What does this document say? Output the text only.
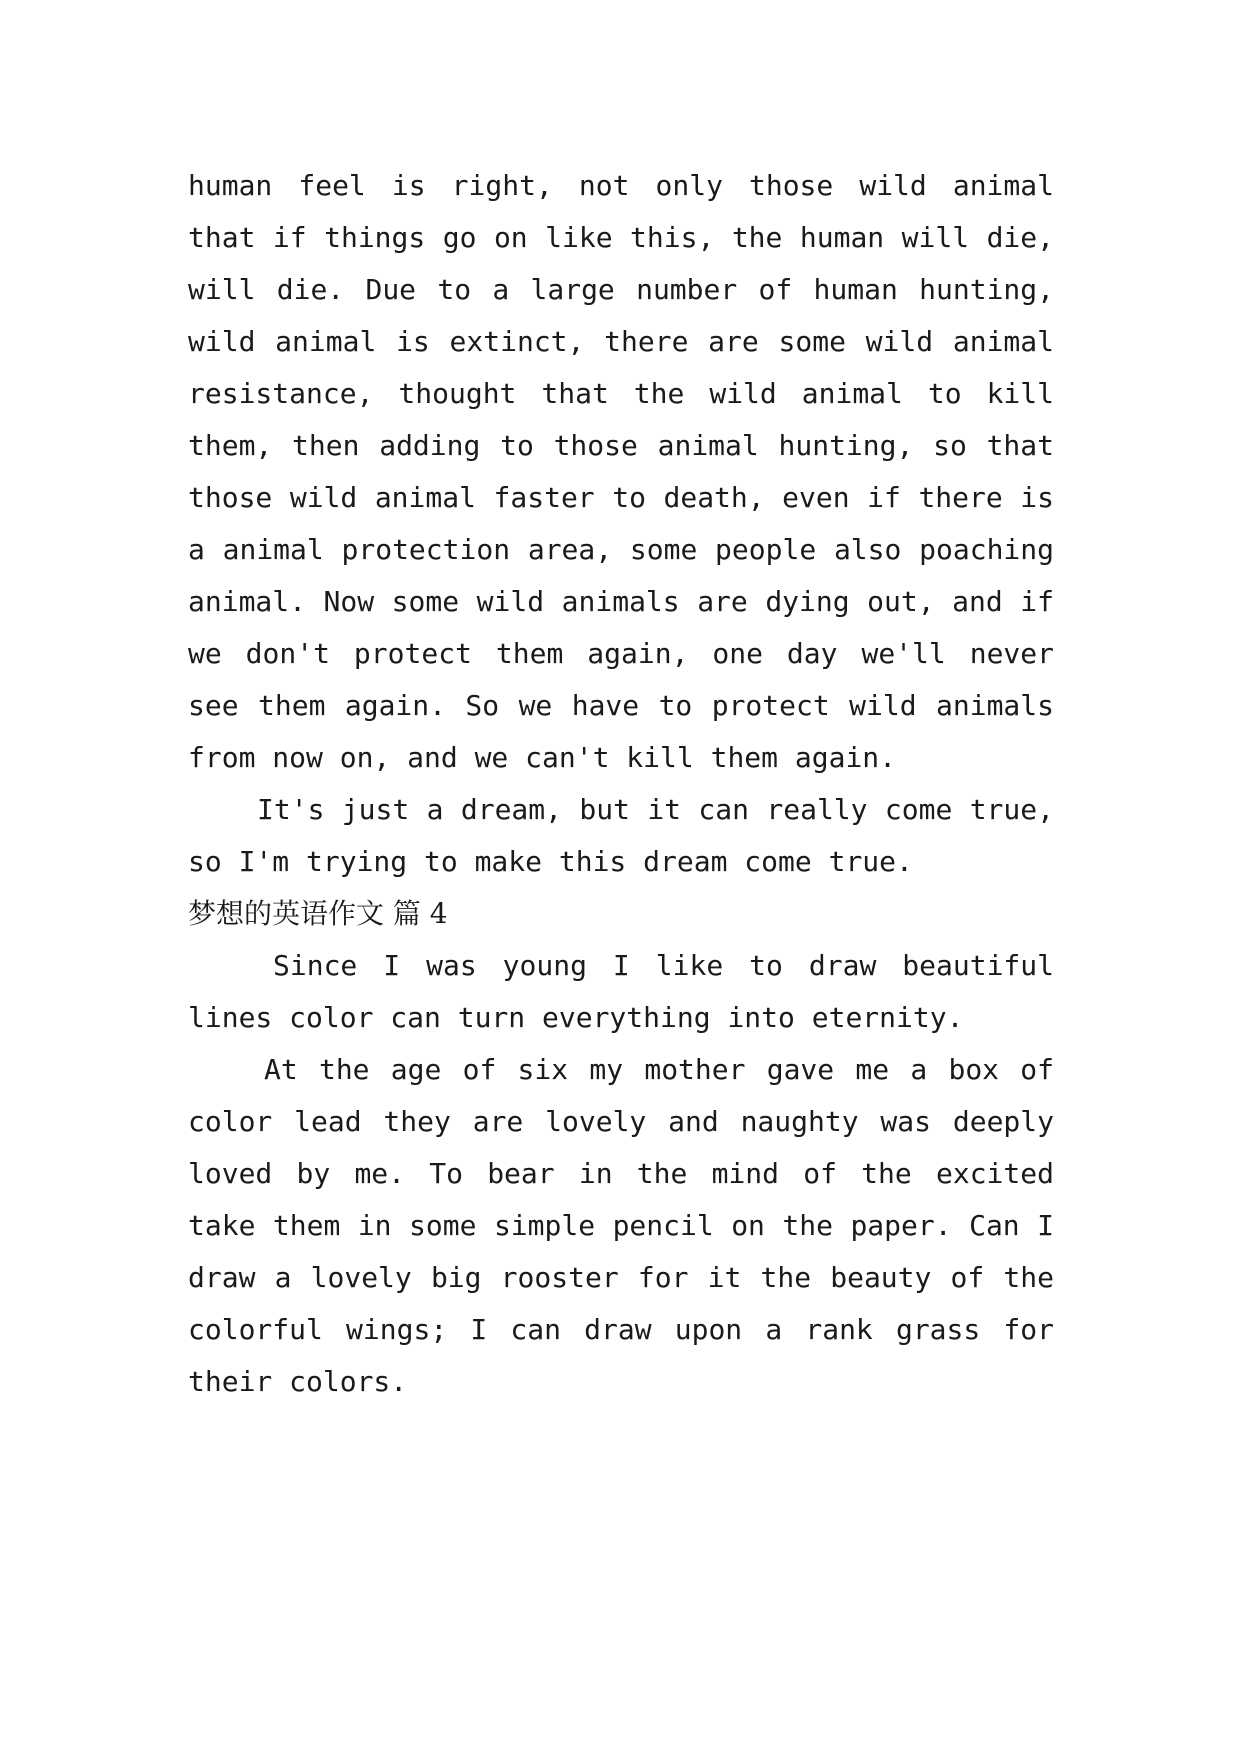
human feel is right, not only those wild animal
that if things go on like this, the human will die,
will die. Due to a large number of human hunting,
wild animal is extinct, there are some wild animal
resistance, thought that the wild animal to kill
them, then adding to those animal hunting, so that
those wild animal faster to death, even if there is
a animal protection area, some people also poaching
animal. Now some wild animals are dying out, and if
we don't protect them again, one day we'll never
see them again. So we have to protect wild animals
from now on, and we can't kill them again.
It's just a dream, but it can really come true,
so I'm trying to make this dream come true.
梦想的英语作文 篇 4
Since I was young I like to draw beautiful
lines color can turn everything into eternity.
At the age of six my mother gave me a box of
color lead they are lovely and naughty was deeply
loved by me. To bear in the mind of the excited
take them in some simple pencil on the paper. Can I
draw a lovely big rooster for it the beauty of the
colorful wings; I can draw upon a rank grass for
their colors.
